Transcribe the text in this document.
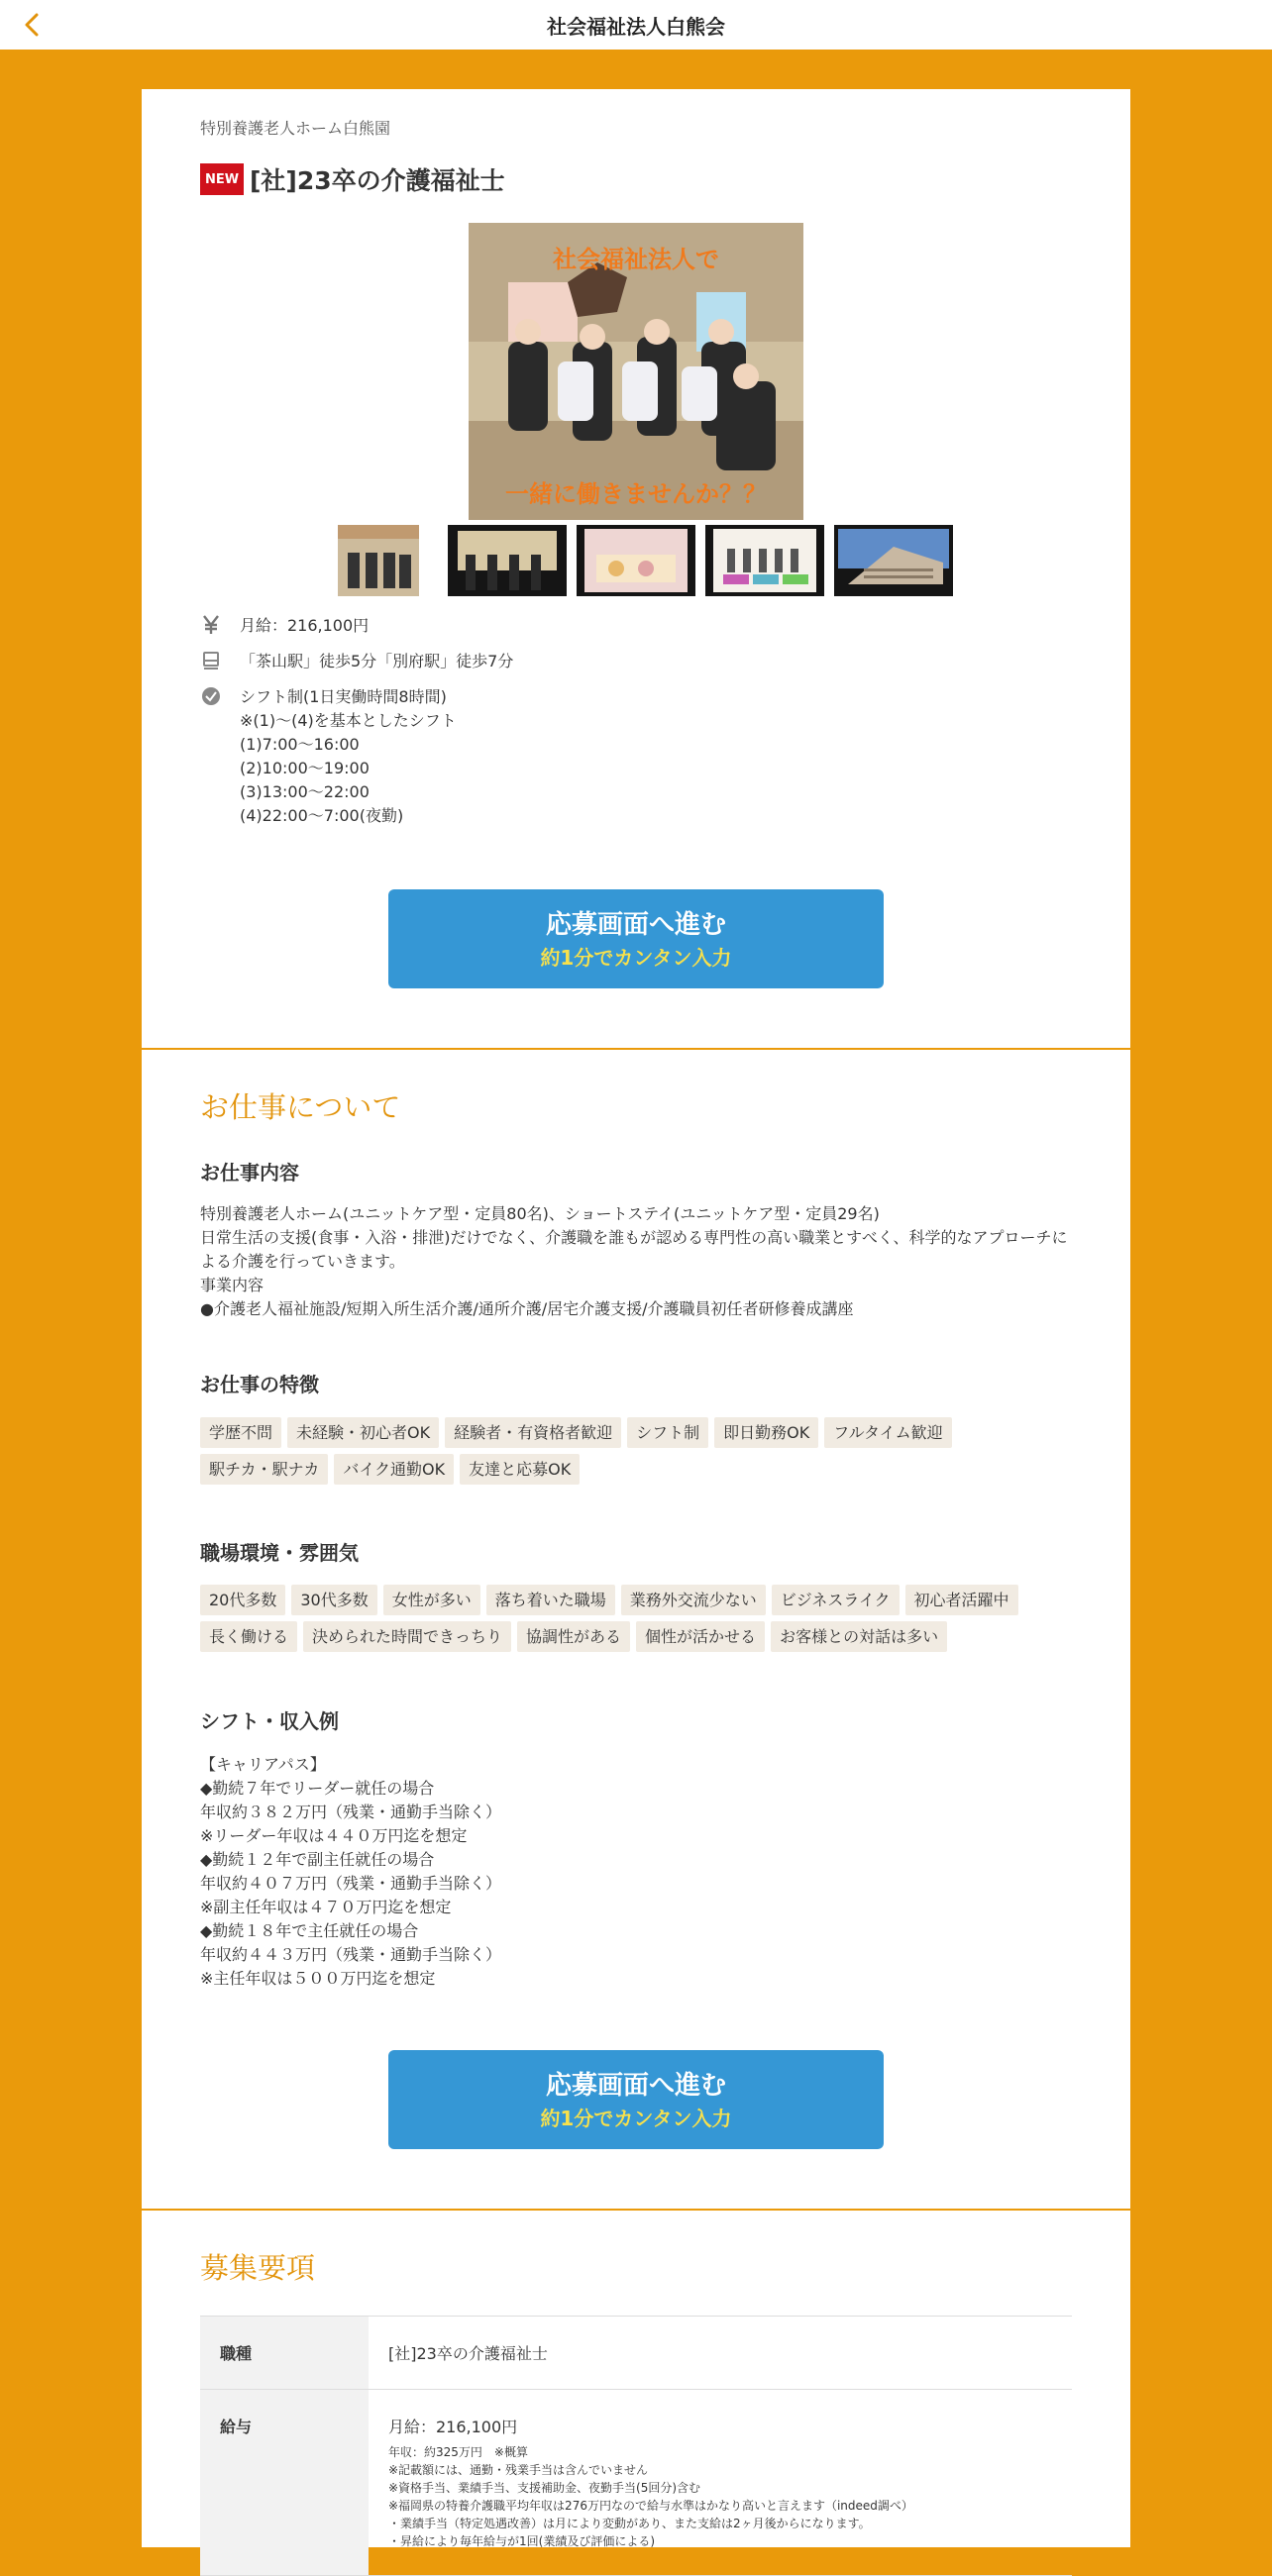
社会福祉法人白熊会
特別養護老人ホーム白熊園
NEW [社]23卒の介護福祉士
社会福祉法人で
一緒に働きませんか？？
月給：216,100円
「茶山駅」徒歩5分「別府駅」徒歩7分
シフト制(1日実働時間8時間)
※(1)～(4)を基本としたシフト
(1)7:00～16:00
(2)10:00～19:00
(3)13:00～22:00
(4)22:00～7:00(夜勤)
応募画面へ進む
約1分でカンタン入力
お仕事について
お仕事内容
特別養護老人ホーム(ユニットケア型・定員80名)、ショートステイ(ユニットケア型・定員29名)
日常生活の支援(食事・入浴・排泄)だけでなく、介護職を誰もが認める専門性の高い職業とすべく、科学的なアプローチに
よる介護を行っていきます。
事業内容
●介護老人福祉施設/短期入所生活介護/通所介護/居宅介護支援/介護職員初任者研修養成講座
お仕事の特徴
学歴不問	未経験・初心者OK	経験者・有資格者歓迎	シフト制	即日勤務OK	フルタイム歓迎
駅チカ・駅ナカ	バイク通勤OK	友達と応募OK
職場環境・雰囲気
20代多数	30代多数	女性が多い	落ち着いた職場	業務外交流少ない	ビジネスライク	初心者活躍中
長く働ける	決められた時間できっちり	協調性がある	個性が活かせる	お客様との対話は多い
シフト・収入例
【キャリアパス】
◆勤続７年でリーダー就任の場合
年収約３８２万円（残業・通勤手当除く）
※リーダー年収は４４０万円迄を想定
◆勤続１２年で副主任就任の場合
年収約４０７万円（残業・通勤手当除く）
※副主任年収は４７０万円迄を想定
◆勤続１８年で主任就任の場合
年収約４４３万円（残業・通勤手当除く）
※主任年収は５００万円迄を想定
応募画面へ進む
約1分でカンタン入力
募集要項
職種	[社]23卒の介護福祉士
給与	月給：216,100円
年収：約325万円　※概算
※記載額には、通勤・残業手当は含んでいません
※資格手当、業績手当、支援補助金、夜勤手当(5回分)含む
※福岡県の特養介護職平均年収は276万円なので給与水準はかなり高いと言えます（indeed調べ）
・業績手当（特定処遇改善）は月により変動があり、また支給は2ヶ月後からになります。
・昇給により毎年給与が1回(業績及び評価による)
